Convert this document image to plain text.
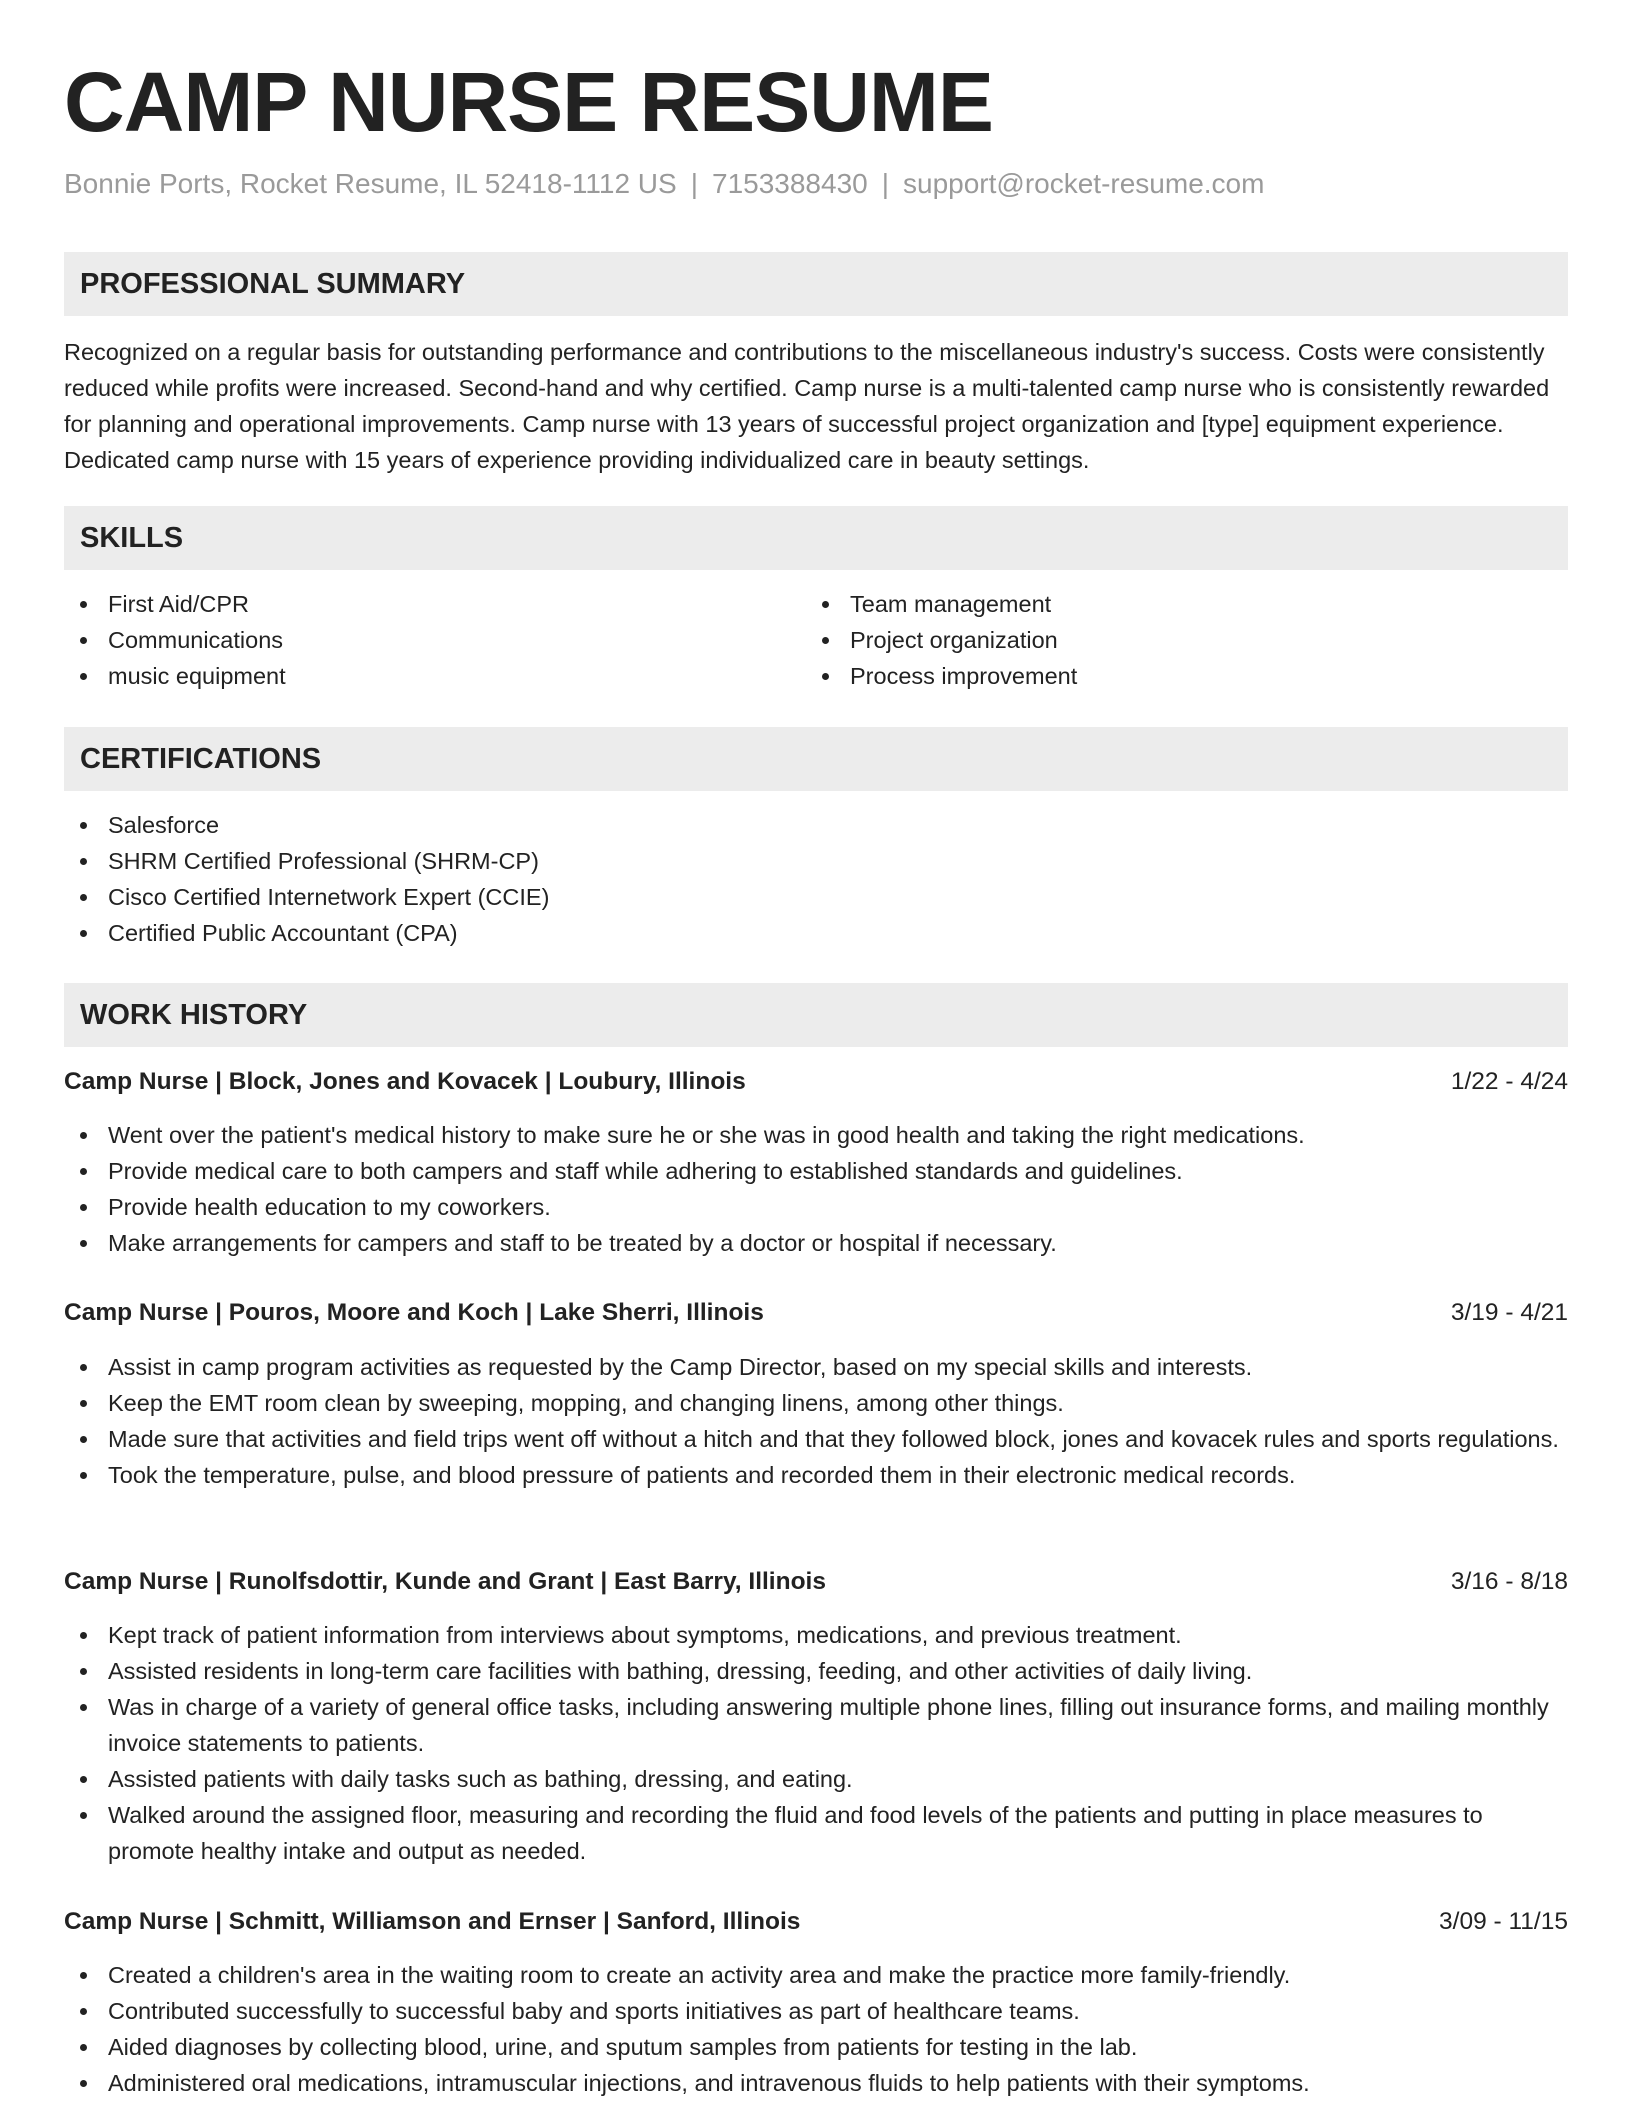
CAMP NURSE RESUME
Bonnie Ports, Rocket Resume, IL 52418-1112 US | 7153388430 | support@rocket-resume.com
PROFESSIONAL SUMMARY

Recognized on a regular basis for outstanding performance and contributions to the miscellaneous industry's success. Costs were consistently reduced while profits were increased. Second-hand and why certified. Camp nurse is a multi-talented camp nurse who is consistently rewarded for planning and operational improvements. Camp nurse with 13 years of successful project organization and [type] equipment experience. Dedicated camp nurse with 15 years of experience providing individualized care in beauty settings.

SKILLS
First Aid/CPR
Communications
music equipment
Team management
Project organization
Process improvement
CERTIFICATIONS
Salesforce
SHRM Certified Professional (SHRM-CP)
Cisco Certified Internetwork Expert (CCIE)
Certified Public Accountant (CPA)
WORK HISTORY
Camp Nurse | Block, Jones and Kovacek | Loubury, Illinois	1/22 - 4/24
Went over the patient's medical history to make sure he or she was in good health and taking the right medications.
Provide medical care to both campers and staff while adhering to established standards and guidelines.
Provide health education to my coworkers.
Make arrangements for campers and staff to be treated by a doctor or hospital if necessary.
Camp Nurse | Pouros, Moore and Koch | Lake Sherri, Illinois	3/19 - 4/21
Assist in camp program activities as requested by the Camp Director, based on my special skills and interests.
Keep the EMT room clean by sweeping, mopping, and changing linens, among other things.
Made sure that activities and field trips went off without a hitch and that they followed block, jones and kovacek rules and sports regulations.
Took the temperature, pulse, and blood pressure of patients and recorded them in their electronic medical records.
Camp Nurse | Runolfsdottir, Kunde and Grant | East Barry, Illinois	3/16 - 8/18
Kept track of patient information from interviews about symptoms, medications, and previous treatment.
Assisted residents in long-term care facilities with bathing, dressing, feeding, and other activities of daily living.
Was in charge of a variety of general office tasks, including answering multiple phone lines, filling out insurance forms, and mailing monthly invoice statements to patients.
Assisted patients with daily tasks such as bathing, dressing, and eating.
Walked around the assigned floor, measuring and recording the fluid and food levels of the patients and putting in place measures to promote healthy intake and output as needed.
Camp Nurse | Schmitt, Williamson and Ernser | Sanford, Illinois	3/09 - 11/15
Created a children's area in the waiting room to create an activity area and make the practice more family-friendly.
Contributed successfully to successful baby and sports initiatives as part of healthcare teams.
Aided diagnoses by collecting blood, urine, and sputum samples from patients for testing in the lab.
Administered oral medications, intramuscular injections, and intravenous fluids to help patients with their symptoms.
